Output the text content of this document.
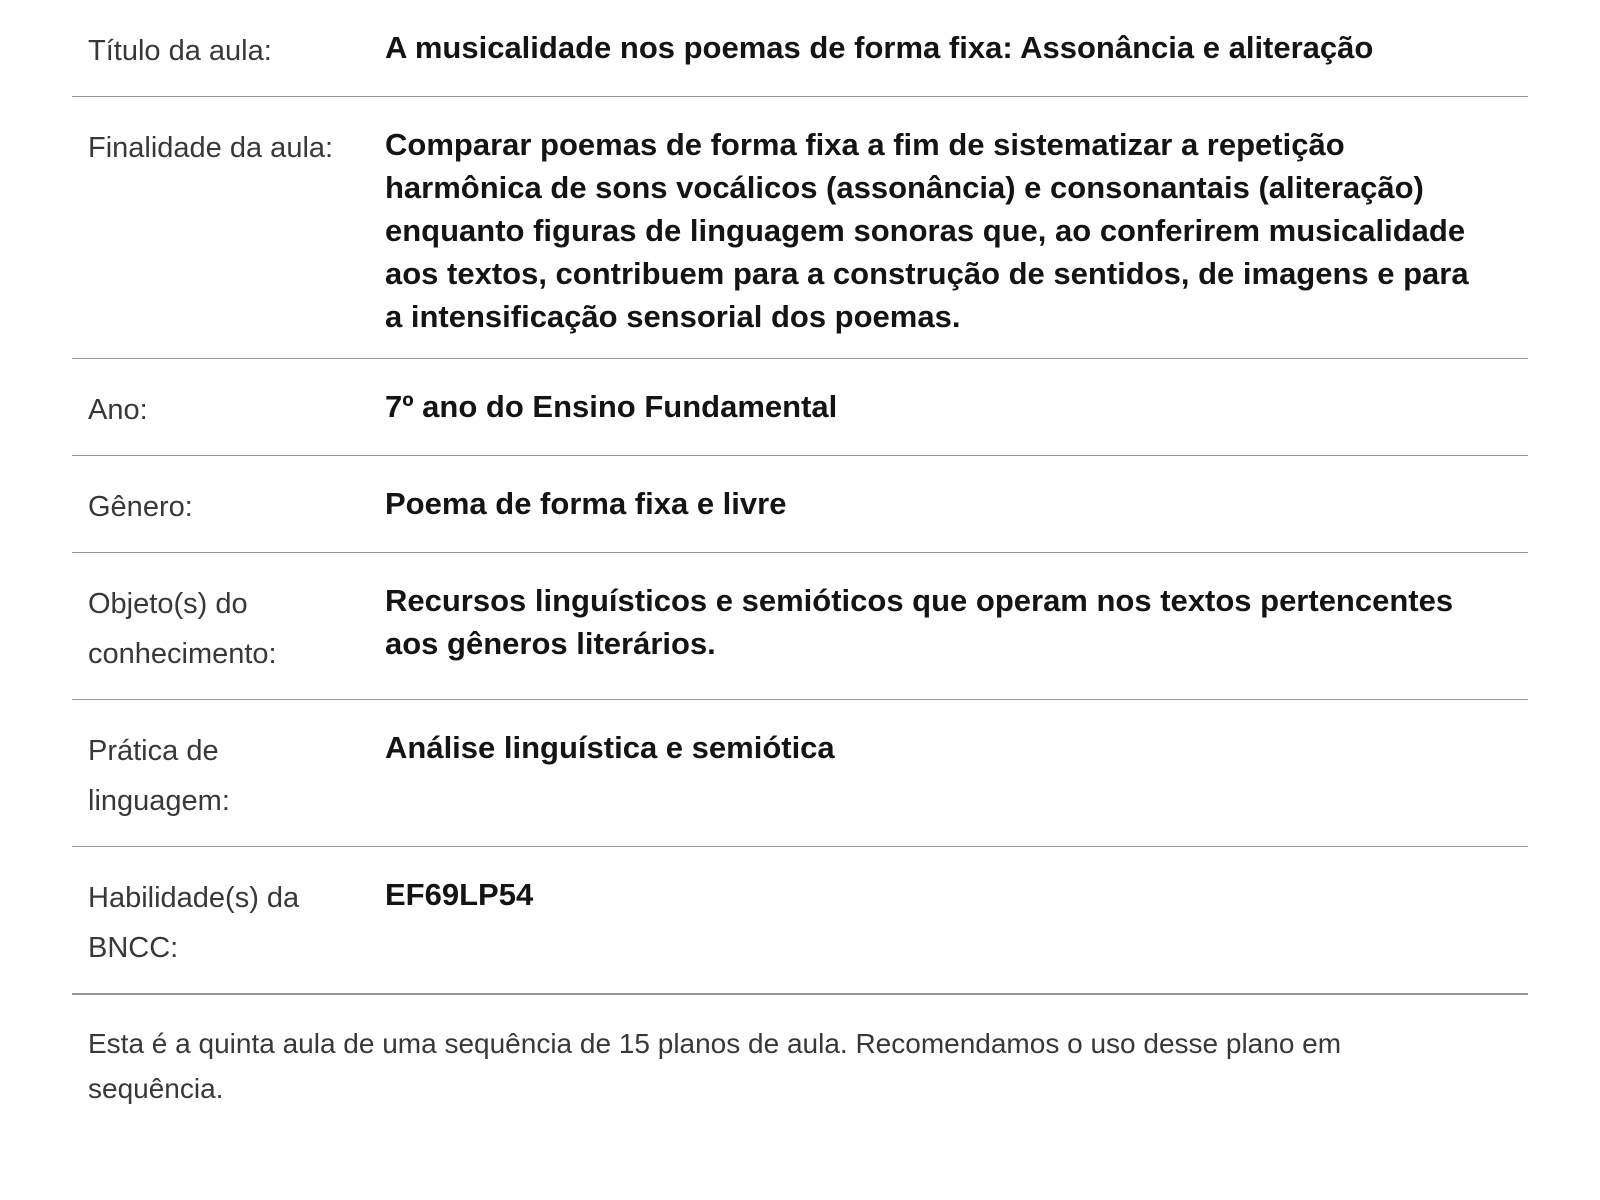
Título da aula:	A musicalidade nos poemas de forma fixa: Assonância e aliteração
Finalidade da aula:	Comparar poemas de forma fixa a fim de sistematizar a repetição harmônica de sons vocálicos (assonância) e consonantais (aliteração) enquanto figuras de linguagem sonoras que, ao conferirem musicalidade aos textos, contribuem para a construção de sentidos, de imagens e para a intensificação sensorial dos poemas.
Ano:	7º ano do Ensino Fundamental
Gênero:	Poema de forma fixa e livre
Objeto(s) do conhecimento:
Recursos linguísticos e semióticos que operam nos textos pertencentes aos gêneros literários.
Prática de linguagem:
Análise linguística e semiótica
Habilidade(s) da BNCC:
EF69LP54

Esta é a quinta aula de uma sequência de 15 planos de aula. Recomendamos o uso desse plano em sequência.
